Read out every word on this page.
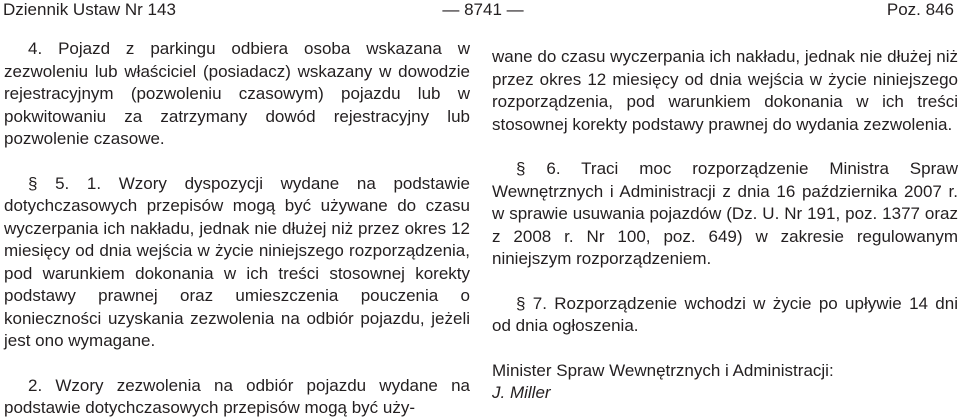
Dziennik Ustaw Nr 143	— 8741 —	Poz. 846

4. Pojazd z parkingu odbiera osoba wskazana w zezwoleniu lub właściciel (posiadacz) wskazany w dowodzie rejestracyjnym (pozwoleniu czasowym) pojazdu lub w pokwitowaniu za zatrzymany dowód rejestracyjny lub pozwolenie czasowe.

§ 5. 1. Wzory dyspozycji wydane na podstawie dotychczasowych przepisów mogą być używane do czasu wyczerpania ich nakładu, jednak nie dłużej niż przez okres 12 miesięcy od dnia wejścia w życie niniejszego rozporządzenia, pod warunkiem dokonania w ich treści stosownej korekty podstawy prawnej oraz umieszczenia pouczenia o konieczności uzyskania zezwolenia na odbiór pojazdu, jeżeli jest ono wymagane.

2. Wzory zezwolenia na odbiór pojazdu wydane na podstawie dotychczasowych przepisów mogą być uży-

wane do czasu wyczerpania ich nakładu, jednak nie dłużej niż przez okres 12 miesięcy od dnia wejścia w życie niniejszego rozporządzenia, pod warunkiem dokonania w ich treści stosownej korekty podstawy prawnej do wydania zezwolenia.

§ 6. Traci moc rozporządzenie Ministra Spraw Wewnętrznych i Administracji z dnia 16 października 2007 r. w sprawie usuwania pojazdów (Dz. U. Nr 191, poz. 1377 oraz z 2008 r. Nr 100, poz. 649) w zakresie regulowanym niniejszym rozporządzeniem.

§ 7. Rozporządzenie wchodzi w życie po upływie 14 dni od dnia ogłoszenia.

Minister Spraw Wewnętrznych i Administracji:

J. Miller
